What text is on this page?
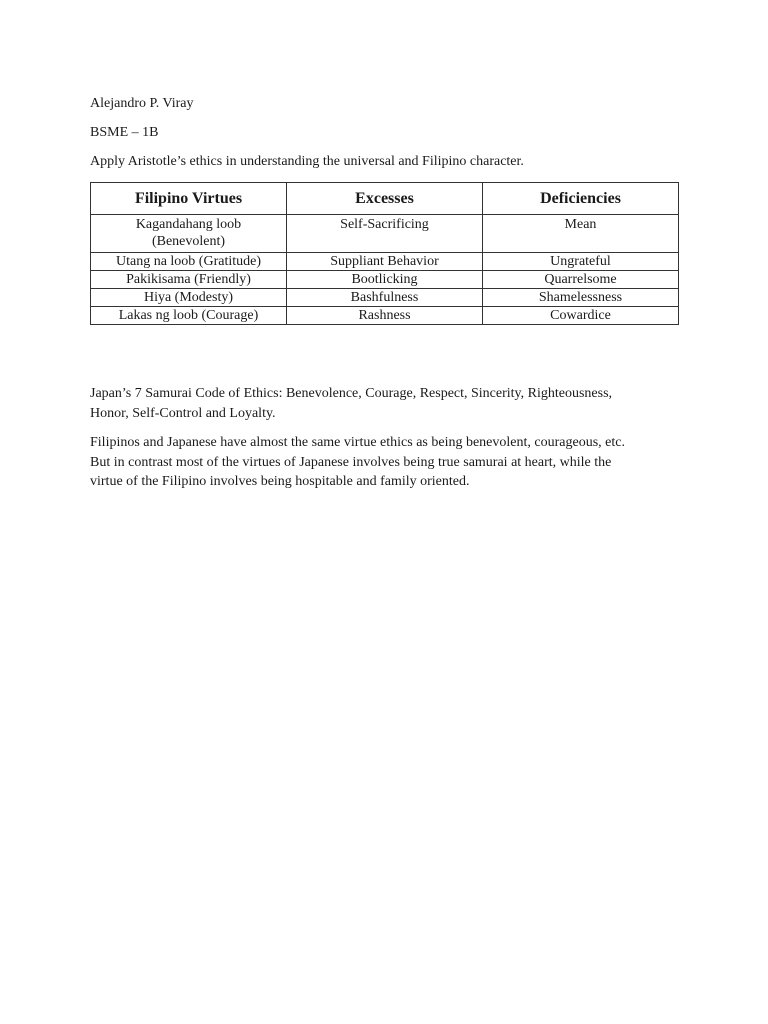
Alejandro P. Viray
BSME – 1B
Apply Aristotle’s ethics in understanding the universal and Filipino character.
Filipino Virtues	Excesses	Deficiencies

Kagandahang loob
(Benevolent)	Self-Sacrificing	Mean
Utang na loob (Gratitude)	Suppliant Behavior	Ungrateful
Pakikisama (Friendly)	Bootlicking	Quarrelsome
Hiya (Modesty)	Bashfulness	Shamelessness
Lakas ng loob (Courage)	Rashness	Cowardice
Japan’s 7 Samurai Code of Ethics: Benevolence, Courage, Respect, Sincerity, Righteousness,
Honor, Self-Control and Loyalty.
Filipinos and Japanese have almost the same virtue ethics as being benevolent, courageous, etc.
But in contrast most of the virtues of Japanese involves being true samurai at heart, while the
virtue of the Filipino involves being hospitable and family oriented.
